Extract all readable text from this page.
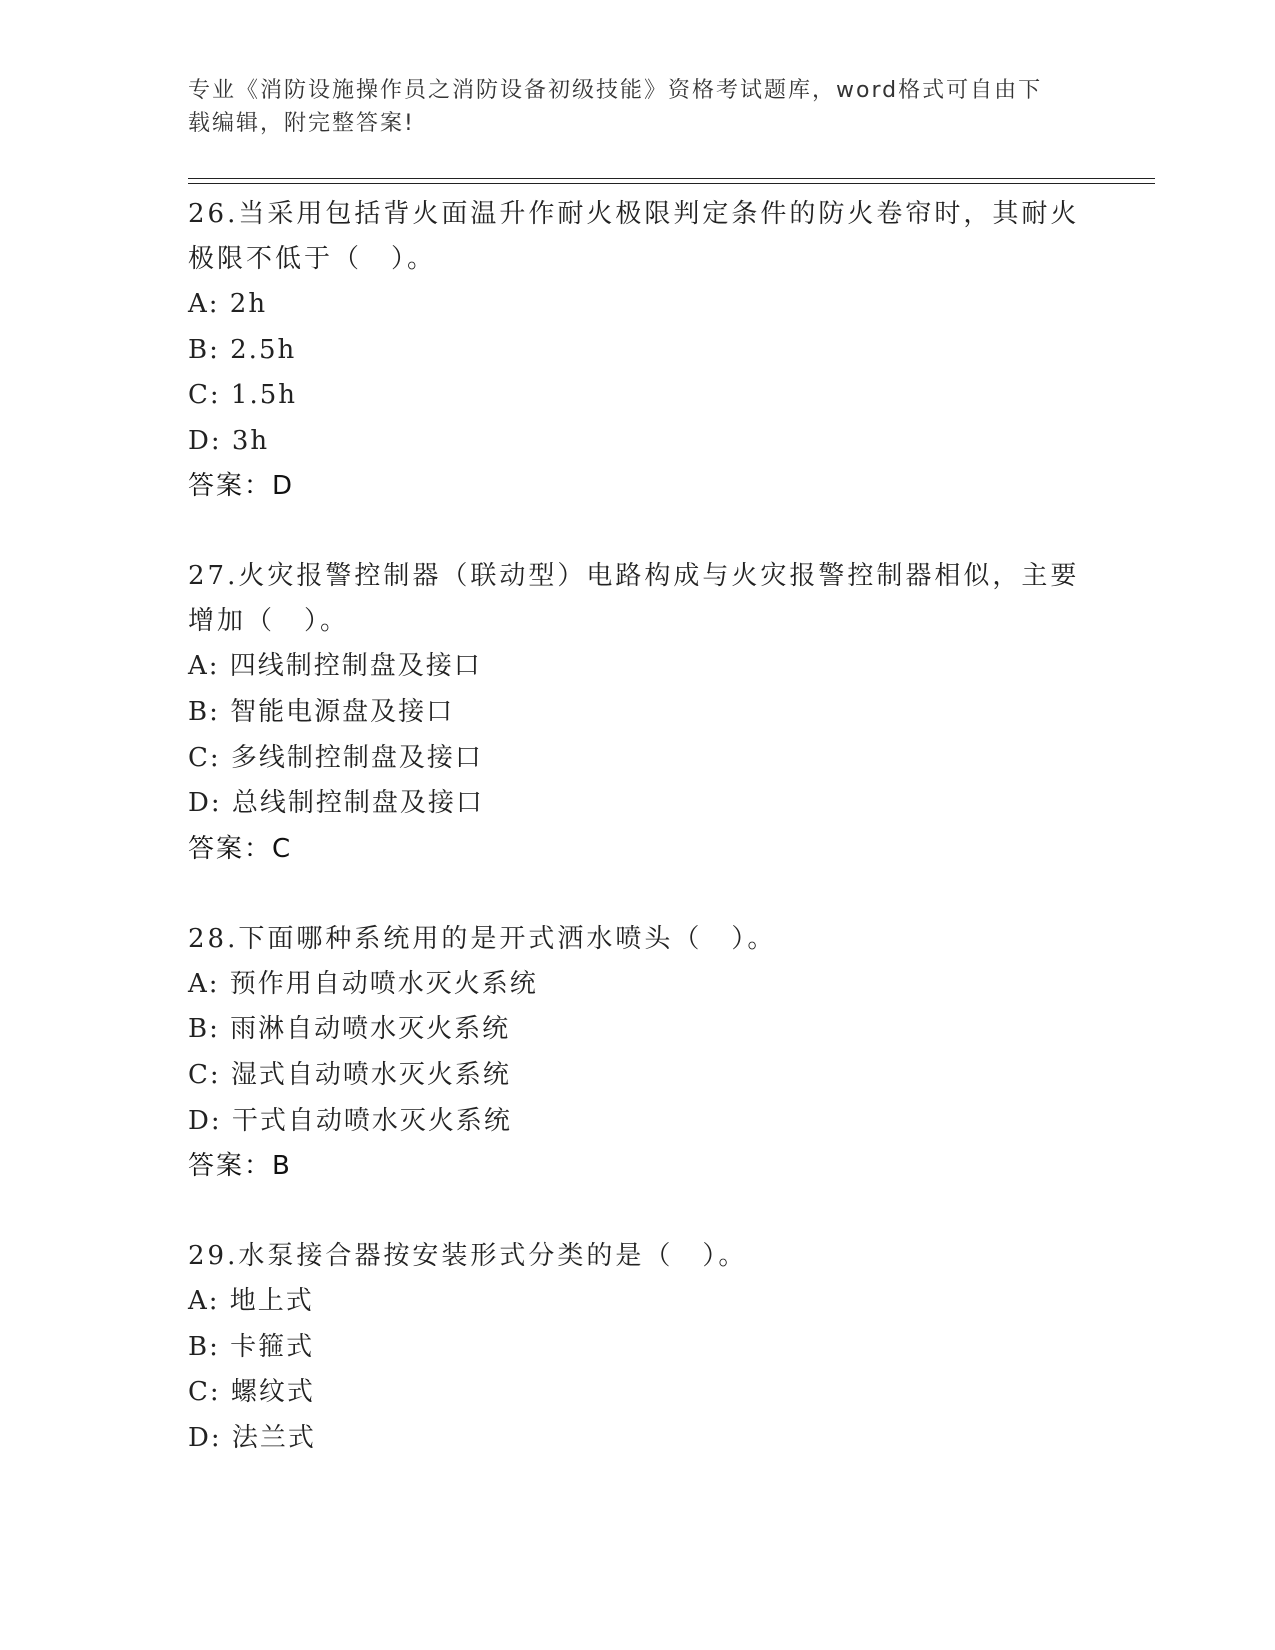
专业《消防设施操作员之消防设备初级技能》资格考试题库，word格式可自由下
载编辑，附完整答案!
26.当采用包括背火面温升作耐火极限判定条件的防火卷帘时，其耐火
极限不低于（　）。
A: 2h
B: 2.5h
C: 1.5h
D: 3h
答案：D
27.火灾报警控制器（联动型）电路构成与火灾报警控制器相似，主要
增加（　）。
A: 四线制控制盘及接口
B: 智能电源盘及接口
C: 多线制控制盘及接口
D: 总线制控制盘及接口
答案：C
28.下面哪种系统用的是开式洒水喷头（　）。
A: 预作用自动喷水灭火系统
B: 雨淋自动喷水灭火系统
C: 湿式自动喷水灭火系统
D: 干式自动喷水灭火系统
答案：B
29.水泵接合器按安装形式分类的是（　）。
A: 地上式
B: 卡箍式
C: 螺纹式
D: 法兰式
